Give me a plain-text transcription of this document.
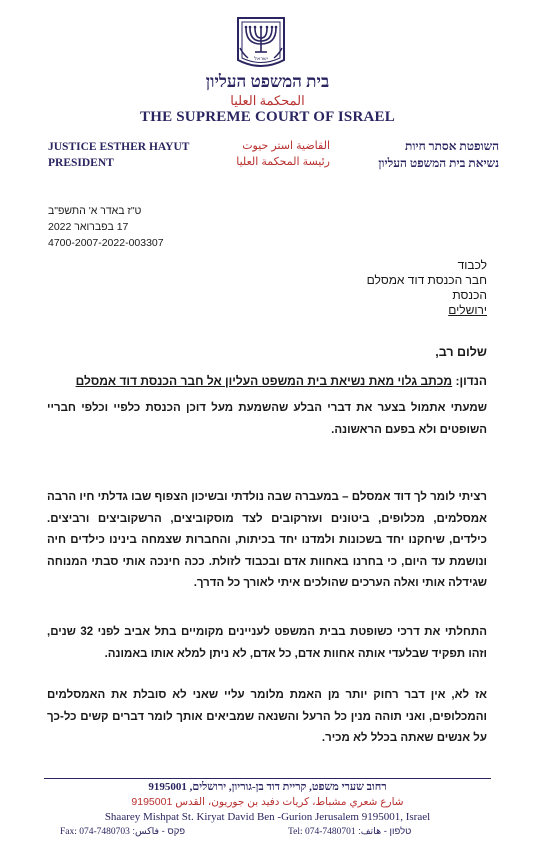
ישראל
בית המשפט העליון
المحكمة العليا
THE SUPREME COURT OF ISRAEL
JUSTICE ESTHER HAYUT
PRESIDENT
القاضية استر حيوت
رئيسة المحكمة العليا
השופטת אסתר חיות
נשיאת בית המשפט העליון
ט"ז באדר א' התשפ"ב
17 בפברואר 2022
4700-2007-2022-003307
לכבוד
חבר הכנסת דוד אמסלם
הכנסת
ירושלים
שלום רב,
הנדון: מכתב גלוי מאת נשיאת בית המשפט העליון אל חבר הכנסת דוד אמסלם
שמעתי אתמול בצער את דברי הבלע שהשמעת מעל דוכן הכנסת כלפיי וכלפי חבריי השופטים ולא בפעם הראשונה.
רציתי לומר לך דוד אמסלם – במעברה שבה נולדתי ובשיכון הצפוף שבו גדלתי חיו הרבה אמסלמים, מכלופים, ביטונים ועזרקובים לצד מוסקוביצים, הרשקוביצים ורביצים. כילדים, שיחקנו יחד בשכונות ולמדנו יחד בכיתות, והחברות שצמחה בינינו כילדים חיה ונושמת עד היום, כי בחרנו באחוות אדם ובכבוד לזולת. ככה חינכה אותי סבתי המנוחה שגידלה אותי ואלה הערכים שהולכים איתי לאורך כל הדרך.
התחלתי את דרכי כשופטת בבית המשפט לעניינים מקומיים בתל אביב לפני 32 שנים, וזהו תפקיד שבלעדי אותה אחוות אדם, כל אדם, לא ניתן למלא אותו באמונה.
אז לא, אין דבר רחוק יותר מן האמת מלומר עליי שאני לא סובלת את האמסלמים והמכלופים, ואני תוהה מנין כל הרעל והשנאה שמביאים אותך לומר דברים קשים כל-כך על אנשים שאתה בכלל לא מכיר.
רחוב שערי משפט, קריית דוד בן-גוריון, ירושלים, 9195001
شارع شعري مشباط، كريات دفيد بن جوريون، القدس 9195001
Shaarey Mishpat St. Kiryat David Ben -Gurion Jerusalem 9195001, Israel
Fax: 074-7480703 פקס - فاكس:	Tel: 074-7480701 טלפון - هاتف:
